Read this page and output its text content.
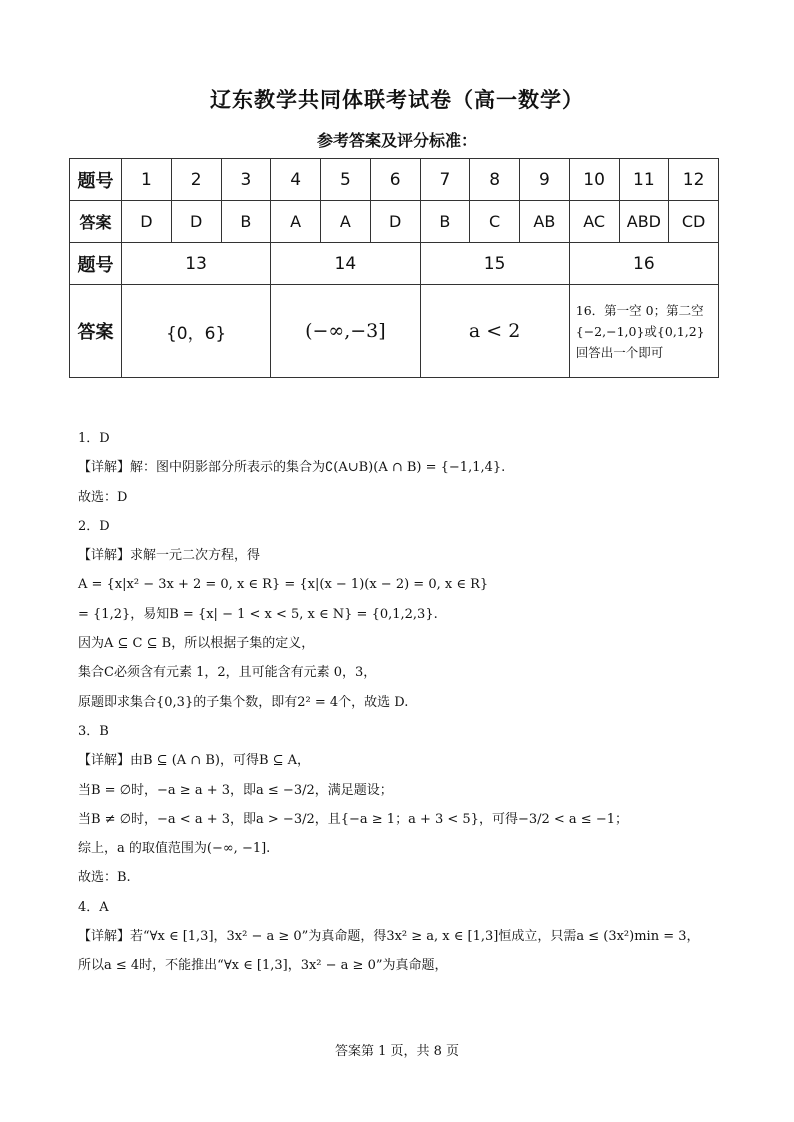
辽东教学共同体联考试卷（高一数学）
参考答案及评分标准：
题号	1	2	3	4	5	6	7	8	9	10	11	12
答案	D	D	B	A	A	D	B	C	AB	AC	ABD	CD
题号	13			14			15			16		
答案	{0，6}			(−∞,−3]			a < 2			16．第一空 0；第二空{−2,−1,0}或{0,1,2}回答出一个即可		
1．D
【详解】解：图中阴影部分所表示的集合为∁(A∪B)(A ∩ B) = {−1,1,4}.
故选：D
2．D
【详解】求解一元二次方程，得
A = {x|x² − 3x + 2 = 0, x ∈ R} = {x|(x − 1)(x − 2) = 0, x ∈ R}
= {1,2}，易知B = {x| − 1 < x < 5, x ∈ N} = {0,1,2,3}.
因为A ⊆ C ⊆ B，所以根据子集的定义，
集合C必须含有元素 1，2，且可能含有元素 0，3，
原题即求集合{0,3}的子集个数，即有2² = 4个，故选 D.
3．B
【详解】由B ⊆ (A ∩ B)，可得B ⊆ A，
当B = ∅时，−a ≥ a + 3，即a ≤ −3/2，满足题设；
当B ≠ ∅时，−a < a + 3，即a > −3/2，且{−a ≥ 1；a + 3 < 5}，可得−3/2 < a ≤ −1；
综上，a 的取值范围为(−∞, −1].
故选：B.
4．A
【详解】若“∀x ∈ [1,3]，3x² − a ≥ 0”为真命题，得3x² ≥ a, x ∈ [1,3]恒成立，只需a ≤ (3x²)min = 3，
所以a ≤ 4时，不能推出“∀x ∈ [1,3]，3x² − a ≥ 0”为真命题，
答案第 1 页，共 8 页
